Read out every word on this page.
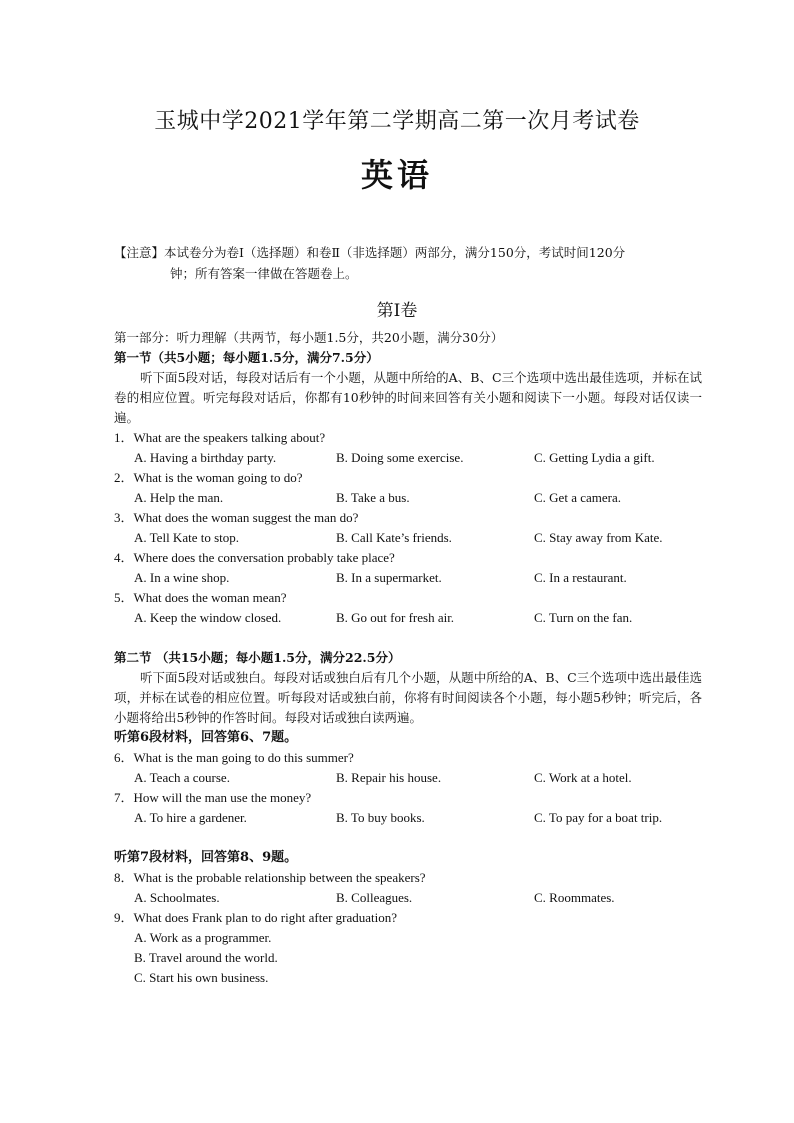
玉城中学2021学年第二学期高二第一次月考试卷
英语
【注意】本试卷分为卷Ⅰ（选择题）和卷Ⅱ（非选择题）两部分，满分150分，考试时间120分
钟；所有答案一律做在答题卷上。
第Ⅰ卷
第一部分：听力理解（共两节，每小题1.5分，共20小题，满分30分）
第一节（共5小题；每小题1.5分，满分7.5分）
听下面5段对话，每段对话后有一个小题，从题中所给的A、B、C三个选项中选出最佳选项，并标在试卷的相应位置。听完每段对话后，你都有10秒钟的时间来回答有关小题和阅读下一小题。每段对话仅读一遍。
1．What are the speakers talking about?
A. Having a birthday party.	B. Doing some exercise.	C. Getting Lydia a gift.
2．What is the woman going to do?
A. Help the man.	B. Take a bus.	C. Get a camera.
3．What does the woman suggest the man do?
A. Tell Kate to stop.	B. Call Kate’s friends.	C. Stay away from Kate.
4．Where does the conversation probably take place?
A. In a wine shop.	B. In a supermarket.	C. In a restaurant.
5．What does the woman mean?
A. Keep the window closed.	B. Go out for fresh air.	C. Turn on the fan.
第二节 （共15小题；每小题1.5分，满分22.5分）
听下面5段对话或独白。每段对话或独白后有几个小题，从题中所给的A、B、C三个选项中选出最佳选项，并标在试卷的相应位置。听每段对话或独白前，你将有时间阅读各个小题，每小题5秒钟；听完后，各小题将给出5秒钟的作答时间。每段对话或独白读两遍。
听第6段材料，回答第6、7题。
6．What is the man going to do this summer?
A. Teach a course.	B. Repair his house.	C. Work at a hotel.
7．How will the man use the money?
A. To hire a gardener.	B. To buy books.	C. To pay for a boat trip.
听第7段材料，回答第8、9题。
8．What is the probable relationship between the speakers?
A. Schoolmates.	B. Colleagues.	C. Roommates.
9．What does Frank plan to do right after graduation?
A. Work as a programmer.
B. Travel around the world.
C. Start his own business.
